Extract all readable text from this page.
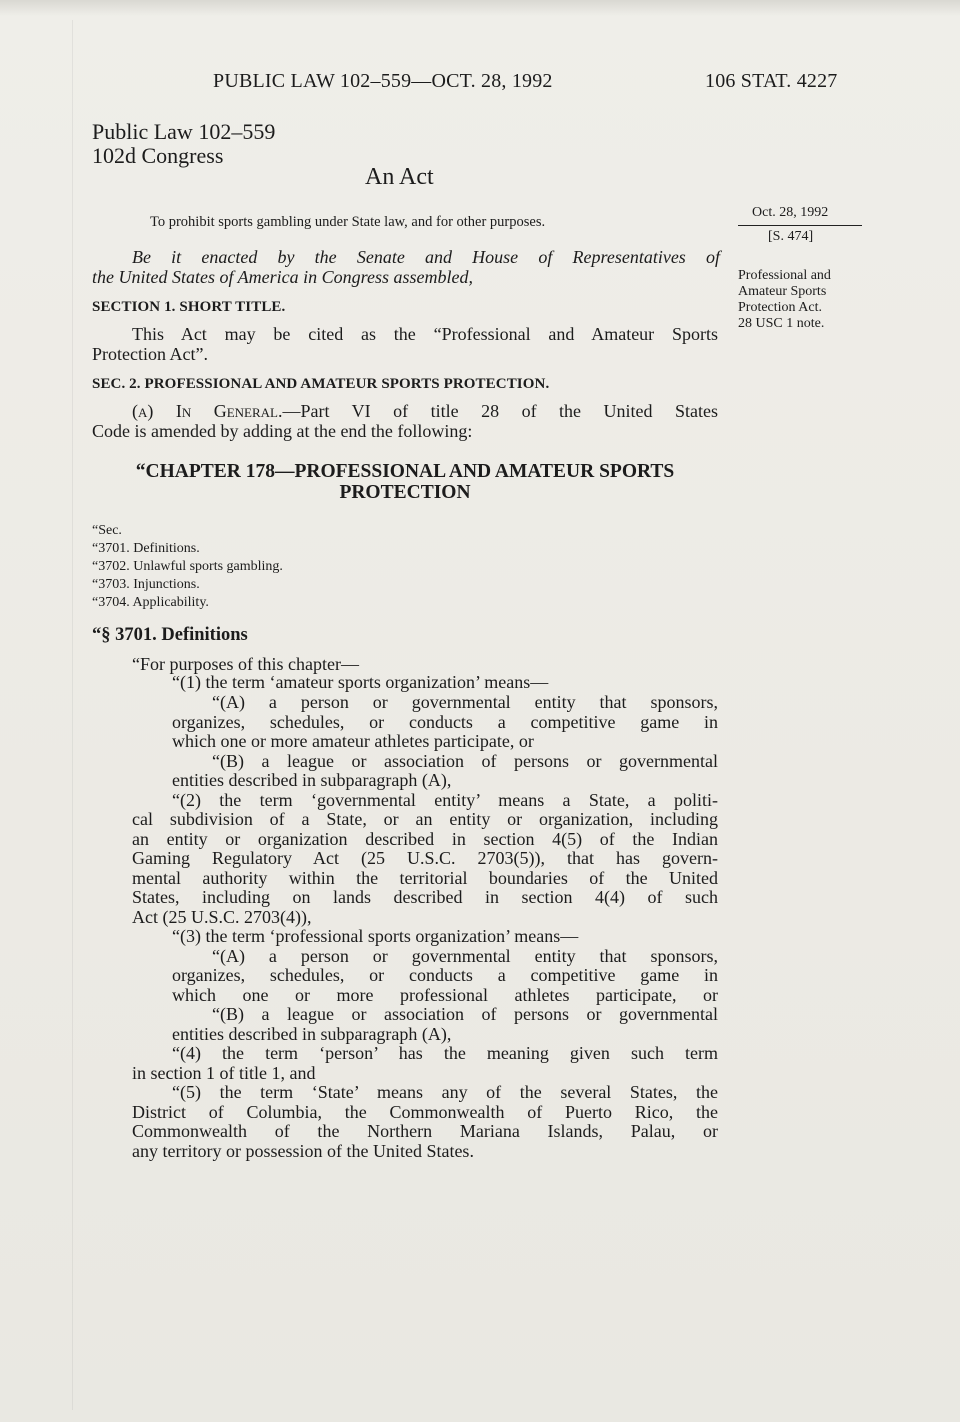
PUBLIC LAW 102–559—OCT. 28, 1992	106 STAT. 4227
Public Law 102–559
102d Congress
An Act
To prohibit sports gambling under State law, and for other purposes.
Oct. 28, 1992
[S. 474]
Professional and
Amateur Sports
Protection Act.
28 USC 1 note.
Be it enacted by the Senate and House of Representatives of
the United States of America in Congress assembled,
SECTION 1. SHORT TITLE.
This Act may be cited as the “Professional and Amateur Sports
Protection Act”.
SEC. 2. PROFESSIONAL AND AMATEUR SPORTS PROTECTION.
(a) In General.—Part VI of title 28 of the United States
Code is amended by adding at the end the following:
“CHAPTER 178—PROFESSIONAL AND AMATEUR SPORTS
PROTECTION
“Sec.
“3701. Definitions.
“3702. Unlawful sports gambling.
“3703. Injunctions.
“3704. Applicability.
“§ 3701. Definitions
“For purposes of this chapter—
“(1) the term ‘amateur sports organization’ means—
“(A) a person or governmental entity that sponsors,
organizes, schedules, or conducts a competitive game in
which one or more amateur athletes participate, or
“(B) a league or association of persons or governmental
entities described in subparagraph (A),
“(2) the term ‘governmental entity’ means a State, a politi-
cal subdivision of a State, or an entity or organization, including
an entity or organization described in section 4(5) of the Indian
Gaming Regulatory Act (25 U.S.C. 2703(5)), that has govern-
mental authority within the territorial boundaries of the United
States, including on lands described in section 4(4) of such
Act (25 U.S.C. 2703(4)),
“(3) the term ‘professional sports organization’ means—
“(A) a person or governmental entity that sponsors,
organizes, schedules, or conducts a competitive game in
which one or more professional athletes participate, or
“(B) a league or association of persons or governmental
entities described in subparagraph (A),
“(4) the term ‘person’ has the meaning given such term
in section 1 of title 1, and
“(5) the term ‘State’ means any of the several States, the
District of Columbia, the Commonwealth of Puerto Rico, the
Commonwealth of the Northern Mariana Islands, Palau, or
any territory or possession of the United States.
